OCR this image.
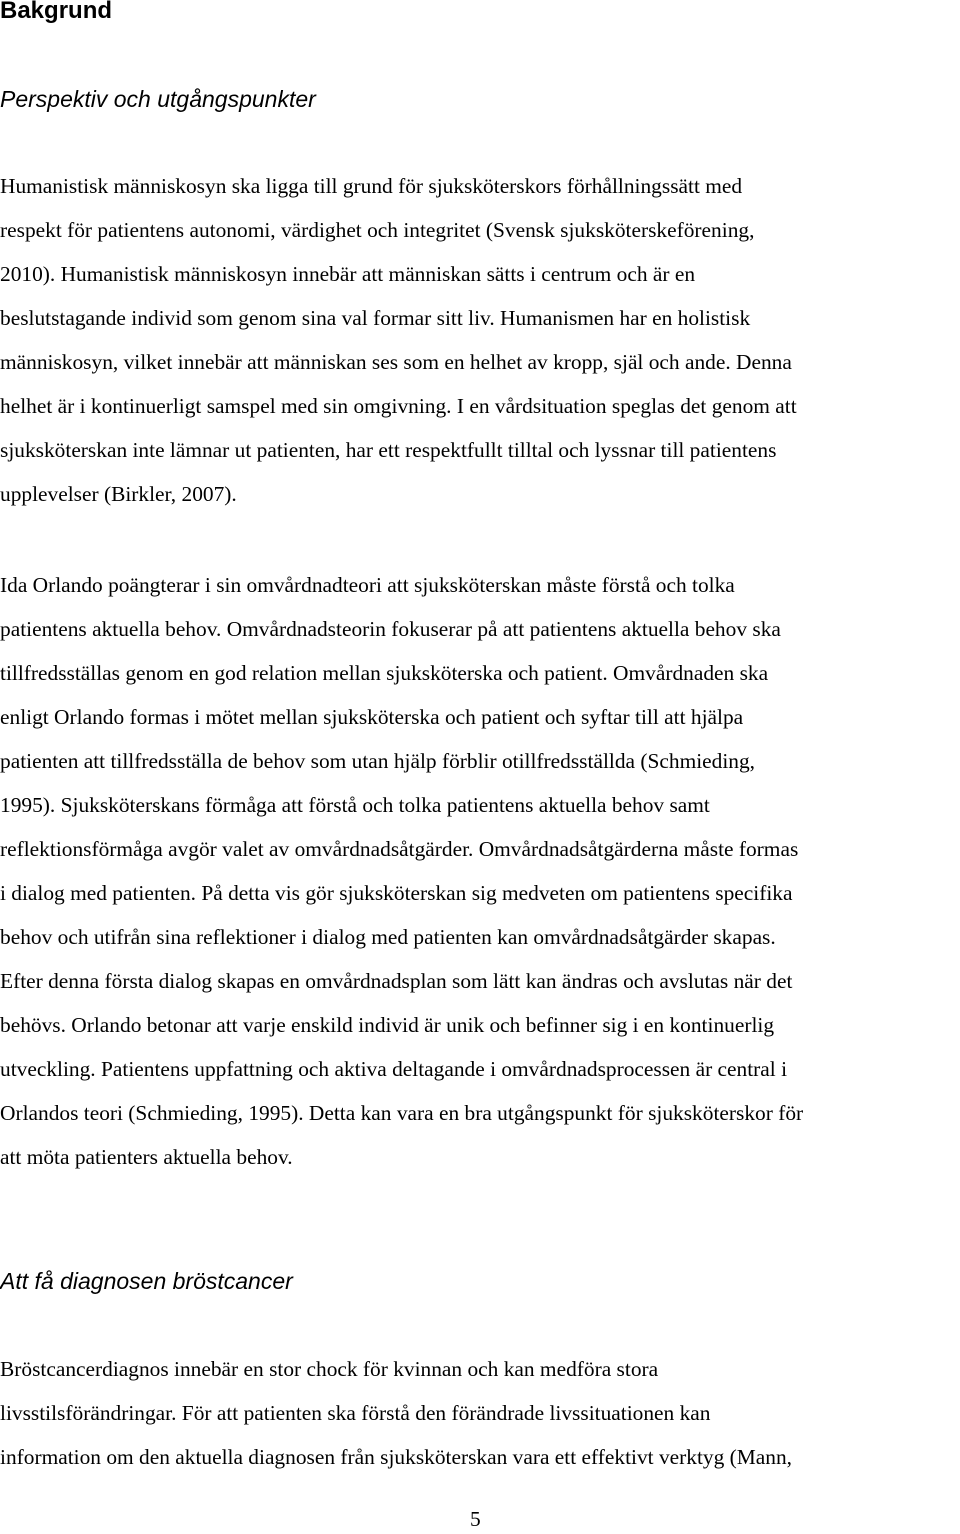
Bakgrund
Perspektiv och utgångspunkter

Humanistisk människosyn ska ligga till grund för sjuksköterskors förhållningssätt med
respekt för patientens autonomi, värdighet och integritet (Svensk sjuksköterskeförening,
2010). Humanistisk människosyn innebär att människan sätts i centrum och är en
beslutstagande individ som genom sina val formar sitt liv. Humanismen har en holistisk
människosyn, vilket innebär att människan ses som en helhet av kropp, själ och ande. Denna
helhet är i kontinuerligt samspel med sin omgivning. I en vårdsituation speglas det genom att
sjuksköterskan inte lämnar ut patienten, har ett respektfullt tilltal och lyssnar till patientens
upplevelser (Birkler, 2007).

Ida Orlando poängterar i sin omvårdnadteori att sjuksköterskan måste förstå och tolka
patientens aktuella behov. Omvårdnadsteorin fokuserar på att patientens aktuella behov ska
tillfredsställas genom en god relation mellan sjuksköterska och patient. Omvårdnaden ska
enligt Orlando formas i mötet mellan sjuksköterska och patient och syftar till att hjälpa
patienten att tillfredsställa de behov som utan hjälp förblir otillfredsställda (Schmieding,
1995). Sjuksköterskans förmåga att förstå och tolka patientens aktuella behov samt
reflektionsförmåga avgör valet av omvårdnadsåtgärder. Omvårdnadsåtgärderna måste formas
i dialog med patienten. På detta vis gör sjuksköterskan sig medveten om patientens specifika
behov och utifrån sina reflektioner i dialog med patienten kan omvårdnadsåtgärder skapas.
Efter denna första dialog skapas en omvårdnadsplan som lätt kan ändras och avslutas när det
behövs. Orlando betonar att varje enskild individ är unik och befinner sig i en kontinuerlig
utveckling. Patientens uppfattning och aktiva deltagande i omvårdnadsprocessen är central i
Orlandos teori (Schmieding, 1995). Detta kan vara en bra utgångspunkt för sjuksköterskor för
att möta patienters aktuella behov.

Att få diagnosen bröstcancer

Bröstcancerdiagnos innebär en stor chock för kvinnan och kan medföra stora
livsstilsförändringar. För att patienten ska förstå den förändrade livssituationen kan
information om den aktuella diagnosen från sjuksköterskan vara ett effektivt verktyg (Mann,

5
